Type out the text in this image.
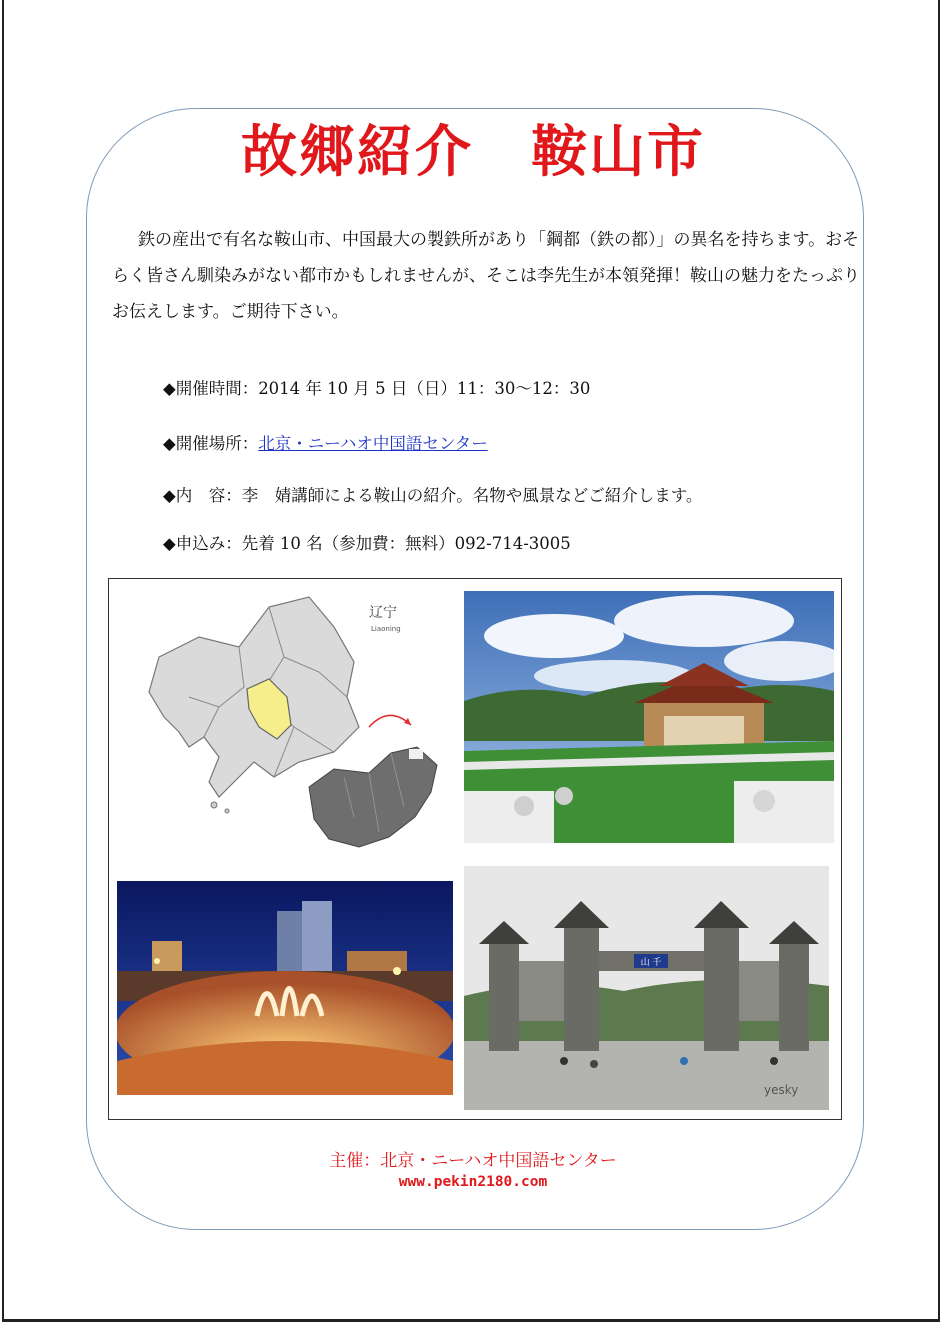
故郷紹介　鞍山市

鉄の産出で有名な鞍山市、中国最大の製鉄所があり「鋼都（鉄の都）」の異名を持ちます。おそらく皆さん馴染みがない都市かもしれませんが、そこは李先生が本領発揮！鞍山の魅力をたっぷりお伝えします。ご期待下さい。

◆開催時間：2014 年 10 月 5 日（日）11：30～12：30
◆開催場所：北京・ニーハオ中国語センター
◆内　容：李　婧講師による鞍山の紹介。名物や風景などご紹介します。
◆申込み：先着 10 名（参加費：無料）092-714-3005
辽宁
Liaoning
山 千
yesky
主催：北京・ニーハオ中国語センター
www.pekin2180.com
